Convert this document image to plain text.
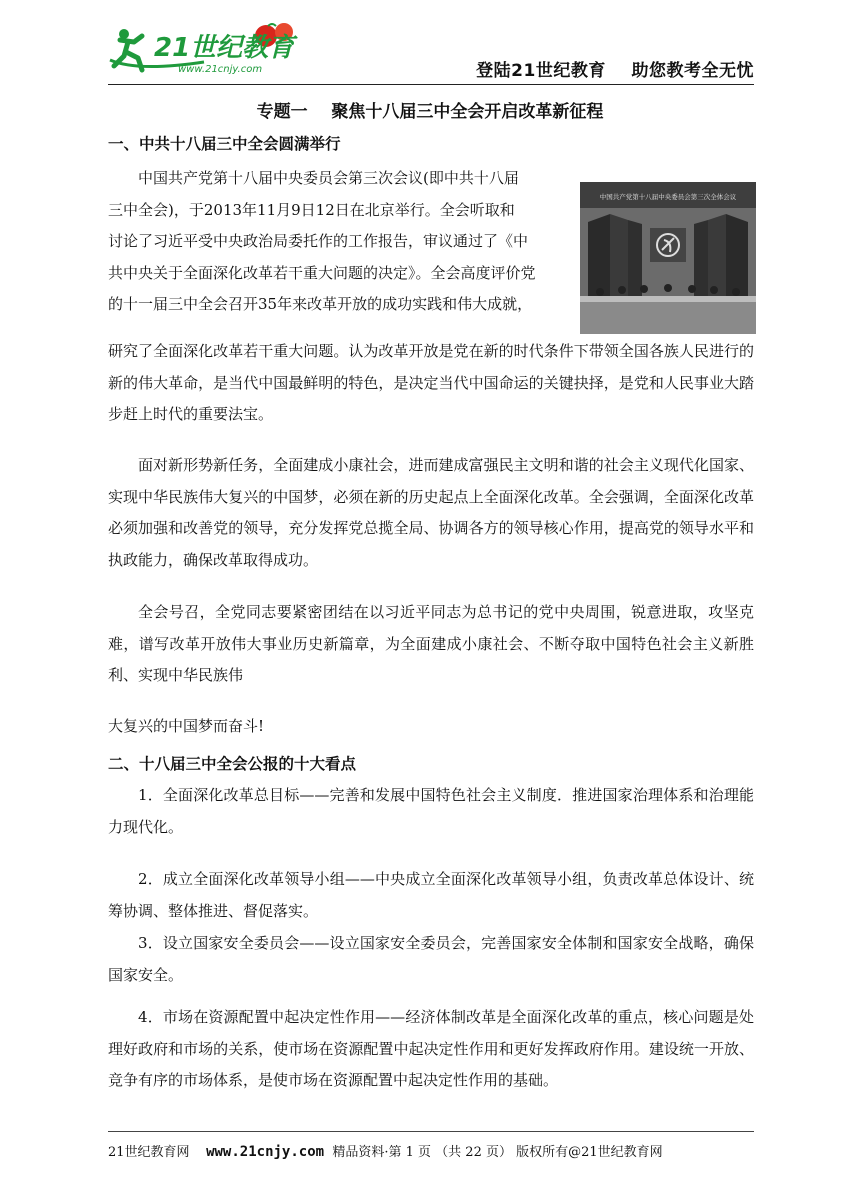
21世纪教育
www.21cnjy.com	登陆21世纪教育    助您教考全无忧
专题一    聚焦十八届三中全会开启改革新征程
一、中共十八届三中全会圆满举行
中国共产党第十八届中央委员会第三次全体会议
中国共产党第十八届中央委员会第三次会议(即中共十八届
三中全会)，于2013年11月9日12日在北京举行。全会听取和
讨论了习近平受中央政治局委托作的工作报告，审议通过了《中
共中央关于全面深化改革若干重大问题的决定》。全会高度评价党
的十一届三中全会召开35年来改革开放的成功实践和伟大成就，
研究了全面深化改革若干重大问题。认为改革开放是党在新的时代条件下带领全国各族人民进行的新的伟大革命，是当代中国最鲜明的特色，是决定当代中国命运的关键抉择，是党和人民事业大踏步赶上时代的重要法宝。
面对新形势新任务，全面建成小康社会，进而建成富强民主文明和谐的社会主义现代化国家、实现中华民族伟大复兴的中国梦，必须在新的历史起点上全面深化改革。全会强调，全面深化改革必须加强和改善党的领导，充分发挥党总揽全局、协调各方的领导核心作用，提高党的领导水平和执政能力，确保改革取得成功。
全会号召，全党同志要紧密团结在以习近平同志为总书记的党中央周围，锐意进取，攻坚克难，谱写改革开放伟大事业历史新篇章，为全面建成小康社会、不断夺取中国特色社会主义新胜利、实现中华民族伟
大复兴的中国梦而奋斗!
二、十八届三中全会公报的十大看点
1．全面深化改革总目标——完善和发展中国特色社会主义制度．推进国家治理体系和治理能力现代化。
2．成立全面深化改革领导小组——中央成立全面深化改革领导小组，负责改革总体设计、统筹协调、整体推进、督促落实。
3．设立国家安全委员会——设立国家安全委员会，完善国家安全体制和国家安全战略，确保国家安全。
4．市场在资源配置中起决定性作用——经济体制改革是全面深化改革的重点，核心问题是处理好政府和市场的关系，使市场在资源配置中起决定性作用和更好发挥政府作用。建设统一开放、竞争有序的市场体系，是使市场在资源配置中起决定性作用的基础。
21世纪教育网 www.21cnjy.com 精品资料·第 1 页 （共 22 页） 版权所有@21世纪教育网
